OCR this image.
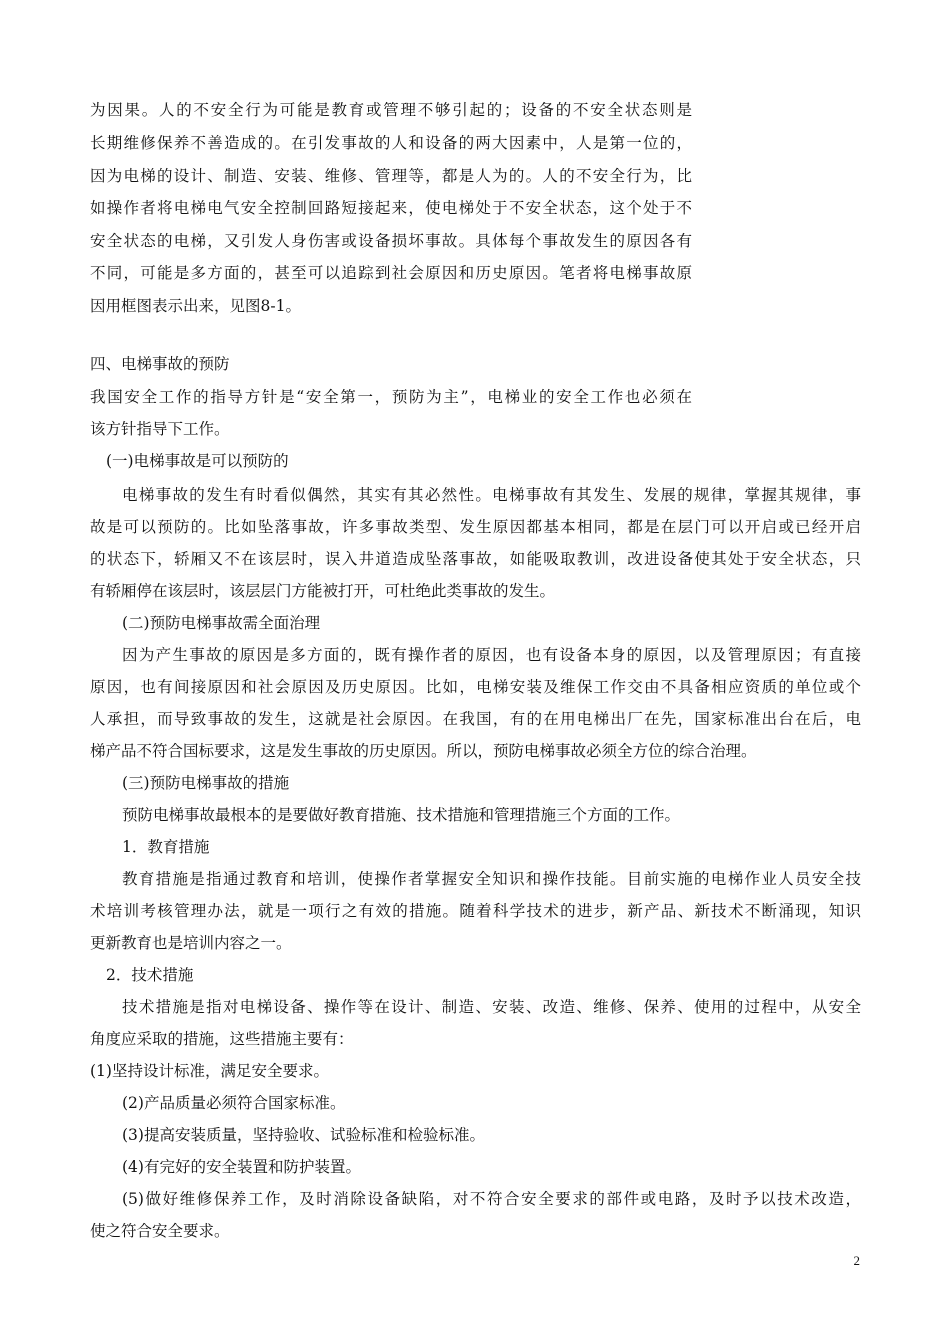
为因果。人的不安全行为可能是教育或管理不够引起的；设备的不安全状态则是
长期维修保养不善造成的。在引发事故的人和设备的两大因素中，人是第一位的，
因为电梯的设计、制造、安装、维修、管理等，都是人为的。人的不安全行为，比
如操作者将电梯电气安全控制回路短接起来，使电梯处于不安全状态，这个处于不
安全状态的电梯，又引发人身伤害或设备损坏事故。具体每个事故发生的原因各有
不同，可能是多方面的，甚至可以追踪到社会原因和历史原因。笔者将电梯事故原
因用框图表示出来，见图8-1。
四、电梯事故的预防
我国安全工作的指导方针是“安全第一，预防为主”，电梯业的安全工作也必须在
该方针指导下工作。
(一)电梯事故是可以预防的
电梯事故的发生有时看似偶然，其实有其必然性。电梯事故有其发生、发展的规律，掌握其规律，事
故是可以预防的。比如坠落事故，许多事故类型、发生原因都基本相同，都是在层门可以开启或已经开启
的状态下，轿厢又不在该层时，误入井道造成坠落事故，如能吸取教训，改进设备使其处于安全状态，只
有轿厢停在该层时，该层层门方能被打开，可杜绝此类事故的发生。
(二)预防电梯事故需全面治理
因为产生事故的原因是多方面的，既有操作者的原因，也有设备本身的原因，以及管理原因；有直接
原因，也有间接原因和社会原因及历史原因。比如，电梯安装及维保工作交由不具备相应资质的单位或个
人承担，而导致事故的发生，这就是社会原因。在我国，有的在用电梯出厂在先，国家标准出台在后，电
梯产品不符合国标要求，这是发生事故的历史原因。所以，预防电梯事故必须全方位的综合治理。
(三)预防电梯事故的措施
预防电梯事故最根本的是要做好教育措施、技术措施和管理措施三个方面的工作。
1．教育措施
教育措施是指通过教育和培训，使操作者掌握安全知识和操作技能。目前实施的电梯作业人员安全技
术培训考核管理办法，就是一项行之有效的措施。随着科学技术的进步，新产品、新技术不断涌现，知识
更新教育也是培训内容之一。
2．技术措施
技术措施是指对电梯设备、操作等在设计、制造、安装、改造、维修、保养、使用的过程中，从安全
角度应采取的措施，这些措施主要有：
(1)坚持设计标准，满足安全要求。
(2)产品质量必须符合国家标准。
(3)提高安装质量，坚持验收、试验标准和检验标准。
(4)有完好的安全装置和防护装置。
(5)做好维修保养工作，及时消除设备缺陷，对不符合安全要求的部件或电路，及时予以技术改造，
使之符合安全要求。
2
